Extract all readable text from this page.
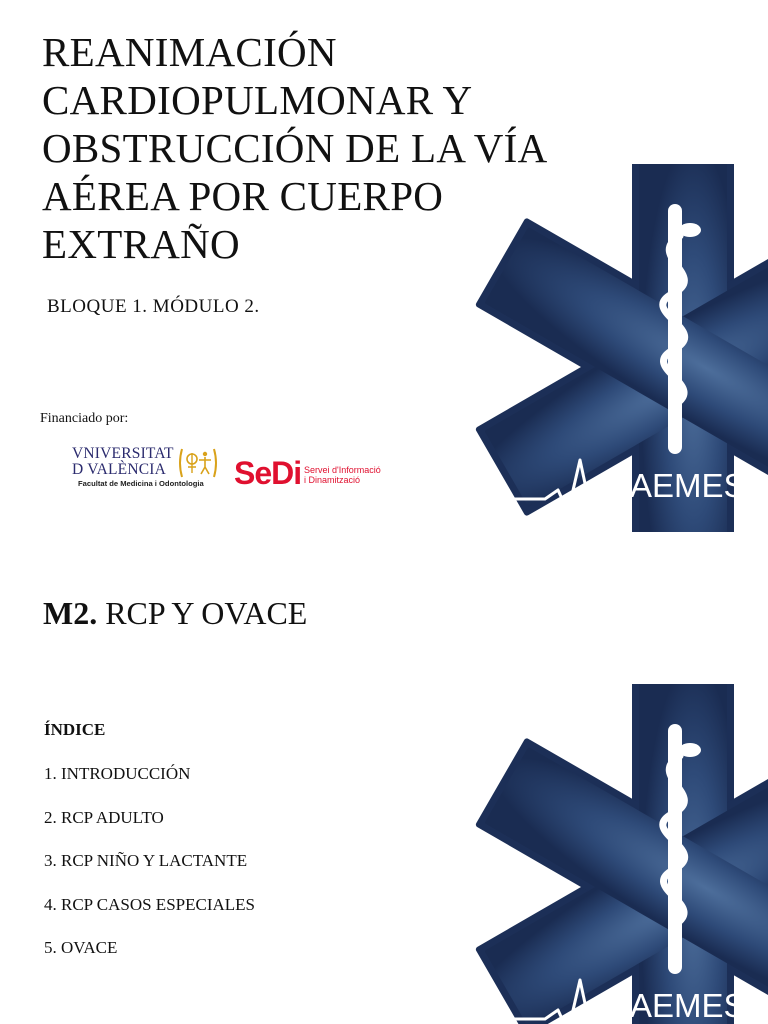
REANIMACIÓN
CARDIOPULMONAR Y
OBSTRUCCIÓN DE LA VÍA
AÉREA POR CUERPO
EXTRAÑO
BLOQUE 1. MÓDULO 2.
Financiado por:
VNIVERSITAT
D VALÈNCIA
Facultat de Medicina i Odontologia SeDi Servei d'Informació
i Dinamització	AEMES
M2. RCP Y OVACE
ÍNDICE
1. INTRODUCCIÓN
2. RCP ADULTO
3. RCP NIÑO Y LACTANTE
4. RCP CASOS ESPECIALES
5. OVACE
AEMES
